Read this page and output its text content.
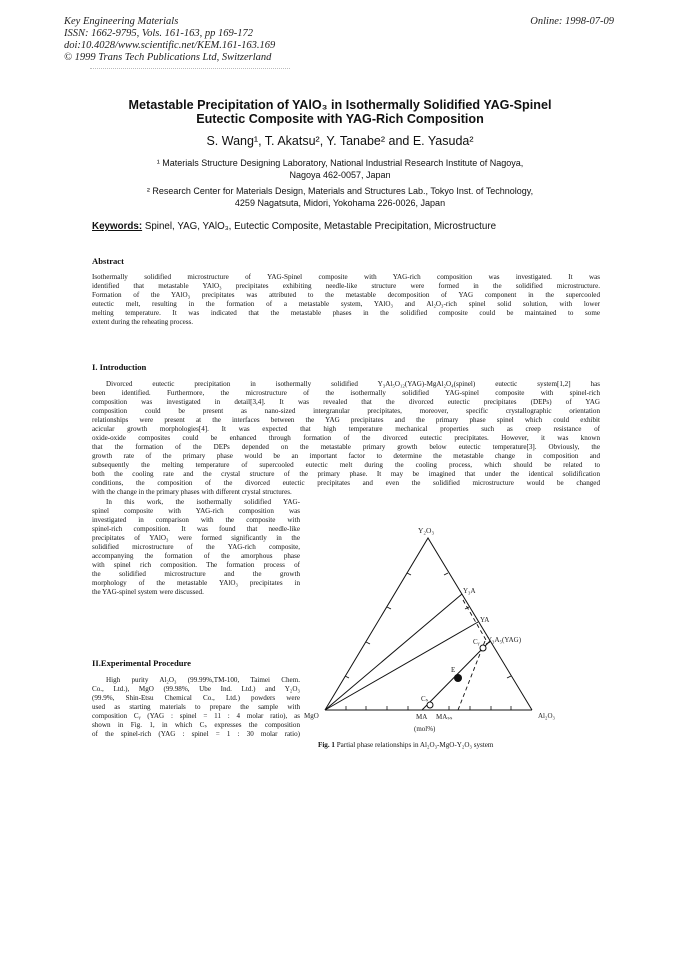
Key Engineering Materials
ISSN: 1662-9795, Vols. 161-163, pp 169-172
doi:10.4028/www.scientific.net/KEM.161-163.169
© 1999 Trans Tech Publications Ltd, Switzerland
Online: 1998-07-09
Metastable Precipitation of YAlO₃ in Isothermally Solidified YAG-Spinel
Eutectic Composite with YAG-Rich Composition
S. Wang¹, T. Akatsu², Y. Tanabe² and E. Yasuda²
¹ Materials Structure Designing Laboratory, National Industrial Research Institute of Nagoya,
Nagoya 462-0057, Japan
² Research Center for Materials Design, Materials and Structures Lab., Tokyo Inst. of Technology,
4259 Nagatsuta, Midori, Yokohama 226-0026, Japan
Keywords: Spinel, YAG, YAlO₃, Eutectic Composite, Metastable Precipitation, Microstructure
Abstract
Isothermally solidified microstructure of YAG-Spinel composite with YAG-rich composition was investigated. It was
identified that metastable YAlO₃ precipitates exhibiting needle-like structure were formed in the solidified microstructure.
Formation of the YAlO₃ precipitates was attributed to the metastable decomposition of YAG component in the supercooled
eutectic melt, resulting in the formation of a metastable system, YAlO₃ and Al₂O₃-rich spinel solid solution, with lower
melting temperature. It was indicated that the metastable phases in the solidified composite could be maintained to some
extent during the reheating process.
I. Introduction
Divorced eutectic precipitation in isothermally solidified Y₃Al₅O₁₂(YAG)-MgAl₂O₄(spinel) eutectic system[1,2] has
been identified. Furthermore, the microstructure of the isothermally solidified YAG-spinel composite with spinel-rich
composition was investigated in detail[3,4]. It was revealed that the divorced eutectic precipitates (DEPs) of YAG
composition could be present as nano-sized intergranular precipitates, moreover, specific crystallographic orientation
relationships were present at the interfaces between the YAG precipitates and the primary phase spinel which could exhibit
acicular growth morphologies[4]. It was expected that high temperature mechanical properties such as creep resistance of
oxide-oxide composites could be enhanced through formation of the divorced eutectic precipitates. However, it was known
that the formation of the DEPs depended on the metastable primary growth below eutectic temperature[3]. Obviously, the
growth rate of the primary phase would be an important factor to determine the metastable change in composition and
subsequently the melting temperature of supercooled eutectic melt during the cooling process, which should be related to
both the cooling rate and the crystal structure of the primary phase. It may be imagined that under the identical solidification
conditions, the composition of the divorced eutectic precipitates and even the solidified microstructure would be changed
with the change in the primary phases with different crystal structures.
In this work, the isothermally solidified YAG-
spinel composite with YAG-rich composition was
investigated in comparison with the composite with
spinel-rich composition. It was found that needle-like
precipitates of YAlO₃ were formed significantly in the
solidified microstructure of the YAG-rich composite,
accompanying the formation of the amorphous phase
with spinel rich composition. The formation process of
the solidified microstructure and the growth
morphology of the metastable YAlO₃ precipitates in
the YAG-spinel system were discussed.
II.Experimental Procedure
High purity Al₂O₃ (99.99%,TM-100, Taimei Chem.
Co., Ltd.), MgO (99.98%, Ube Ind. Ltd.) and Y₂O₃
(99.9%, Shin-Etsu Chemical Co., Ltd.) powders were
used as starting materials to prepare the sample with
composition Cᵧ (YAG : spinel = 11 : 4 molar ratio), as
shown in Fig. 1, in which Cₛ expresses the composition
of the spinel-rich (YAG : spinel = 1 : 30 molar ratio)
Y₂O₃
MgO	Al₂O₃
MA MAₛₛ
(mol%)
Y₃A
YA
Y₃A₅(YAG)
Cᵧ
Cₛ
E
Fig. 1 Partial phase relationships in Al₂O₃-MgO-Y₂O₃ system
